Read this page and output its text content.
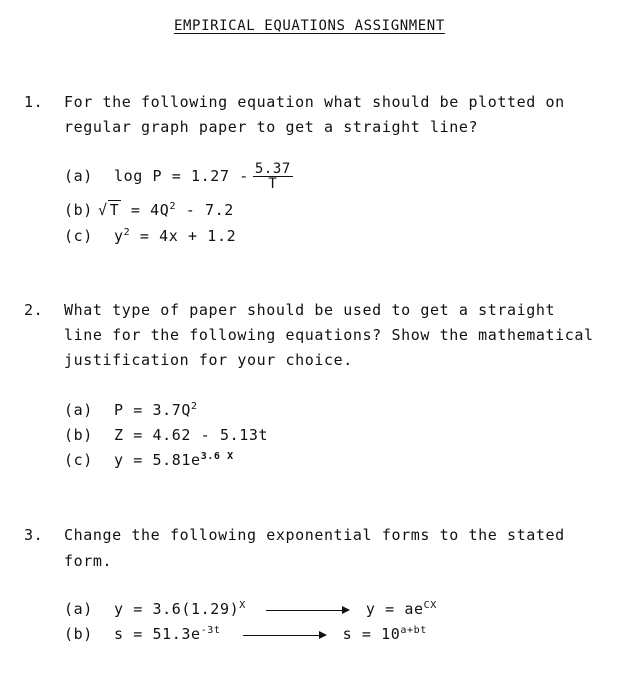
EMPIRICAL EQUATIONS ASSIGNMENT
1. For the following equation what should be plotted on
regular graph paper to get a straight line?
(a) $\log P = 1.27 - \frac{5.37}{T}$
(b) √ $T = 4Q^2 - 7.2$
(c) $y^2 = 4x + 1.2$
2. What type of paper should be used to get a straight
line for the following equations? Show the mathematical
justification for your choice.
(a) $P = 3.7Q^2$
(b) Z = 4.62 - 5.13t
(c) $y = 5.81e^{3.6 X}$
3. Change the following exponential forms to the stated
form.
(a) $y = 3.6(1.29)^X$	$y = ae^{CX}$
(b) $s = 51.3e^{-3t}$	$s = 10^{a+bt}$
